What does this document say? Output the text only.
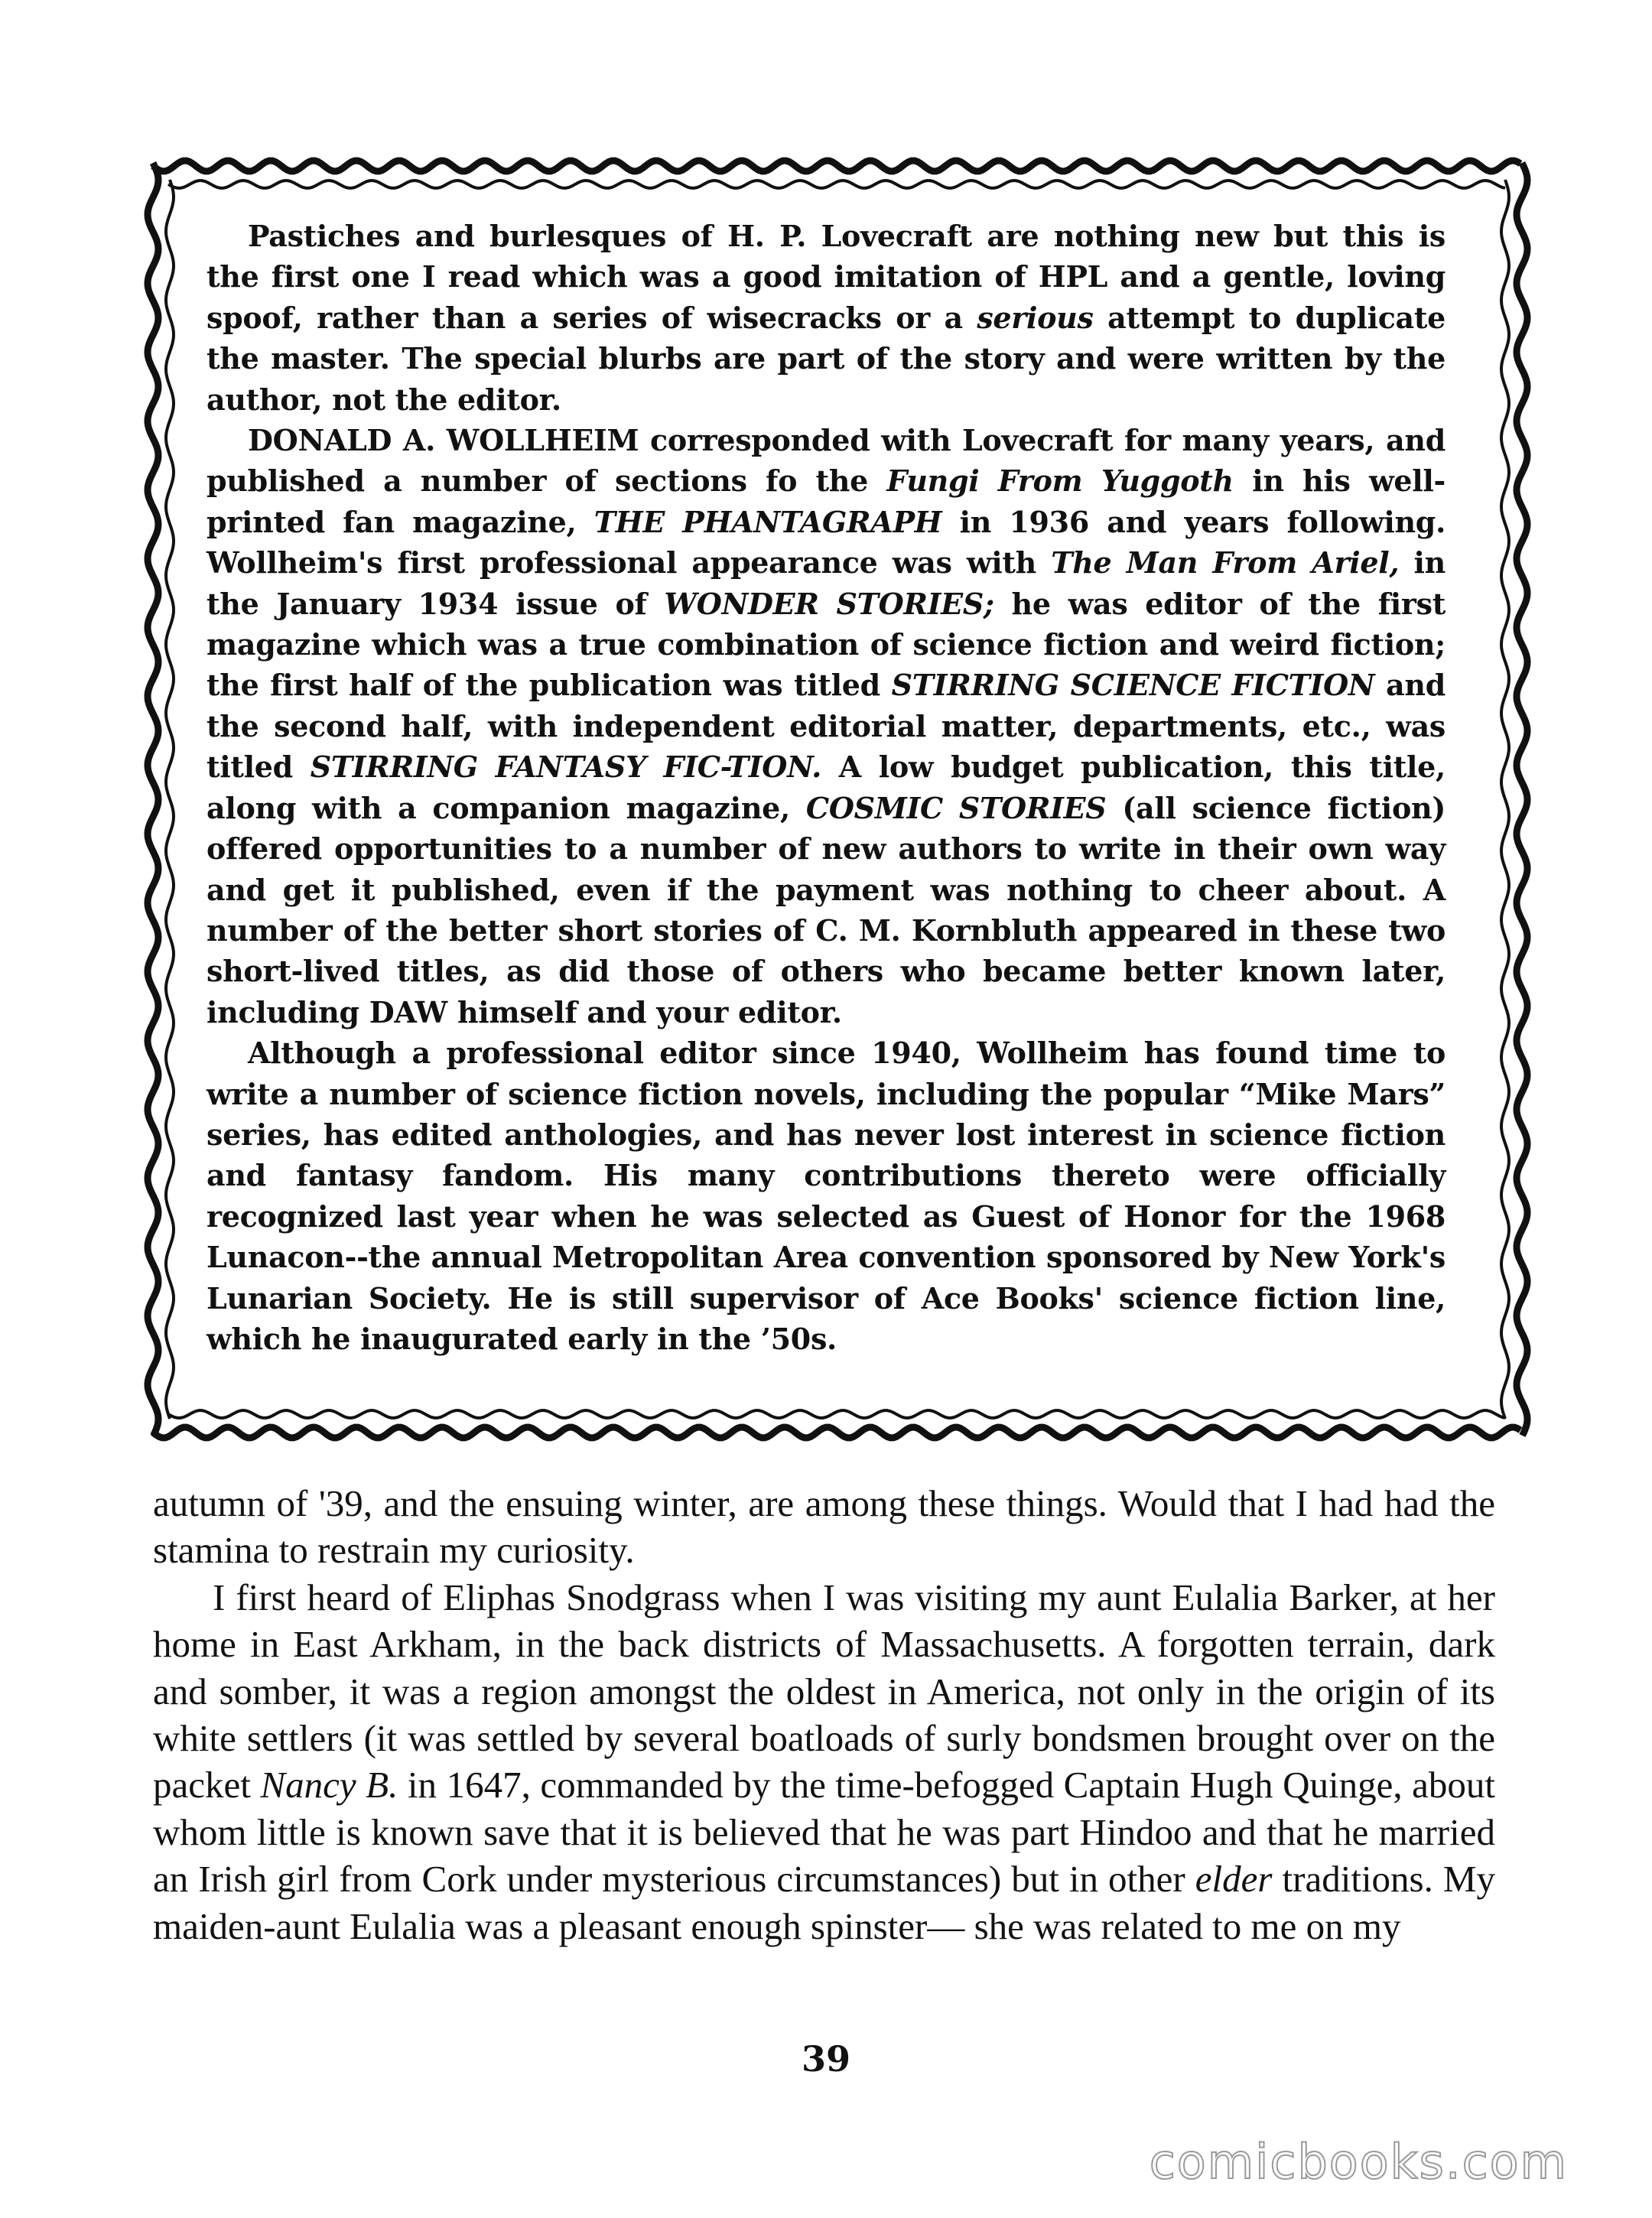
Pastiches and burlesques of H. P. Lovecraft are nothing new but this is the first one I read which was a good imitation of HPL and a gentle, loving spoof, rather than a series of wisecracks or a serious attempt to duplicate the master. The special blurbs are part of the story and were written by the author, not the editor.

DONALD A. WOLLHEIM corresponded with Lovecraft for many years, and published a number of sections fo the Fungi From Yuggoth in his well-printed fan magazine, THE PHANTAGRAPH in 1936 and years following. Wollheim's first professional appearance was with The Man From Ariel, in the January 1934 issue of WONDER STORIES; he was editor of the first magazine which was a true combination of science fiction and weird fiction; the first half of the publication was titled STIRRING SCIENCE FICTION and the second half, with independent editorial matter, departments, etc., was titled STIRRING FANTASY FIC-TION. A low budget publication, this title, along with a companion magazine, COSMIC STORIES (all science fiction) offered opportunities to a number of new authors to write in their own way and get it published, even if the payment was nothing to cheer about. A number of the better short stories of C. M. Kornbluth appeared in these two short-lived titles, as did those of others who became better known later, including DAW himself and your editor.

Although a professional editor since 1940, Wollheim has found time to write a number of science fiction novels, including the popular “Mike Mars” series, has edited anthologies, and has never lost interest in science fiction and fantasy fandom. His many contributions thereto were officially recognized last year when he was selected as Guest of Honor for the 1968 Lunacon--the annual Metropolitan Area convention sponsored by New York's Lunarian Society. He is still supervisor of Ace Books' science fiction line, which he inaugurated early in the ’50s.

autumn of '39, and the ensuing winter, are among these things. Would that I had had the stamina to restrain my curiosity.

I first heard of Eliphas Snodgrass when I was visiting my aunt Eulalia Barker, at her home in East Arkham, in the back districts of Massachusetts. A forgotten terrain, dark and somber, it was a region amongst the oldest in America, not only in the origin of its white settlers (it was settled by several boatloads of surly bondsmen brought over on the packet Nancy B. in 1647, commanded by the time-befogged Captain Hugh Quinge, about whom little is known save that it is believed that he was part Hindoo and that he married an Irish girl from Cork under mysterious circumstances) but in other elder traditions. My maiden-aunt Eulalia was a pleasant enough spinster— she was related to me on my

39
comicbooks.com
